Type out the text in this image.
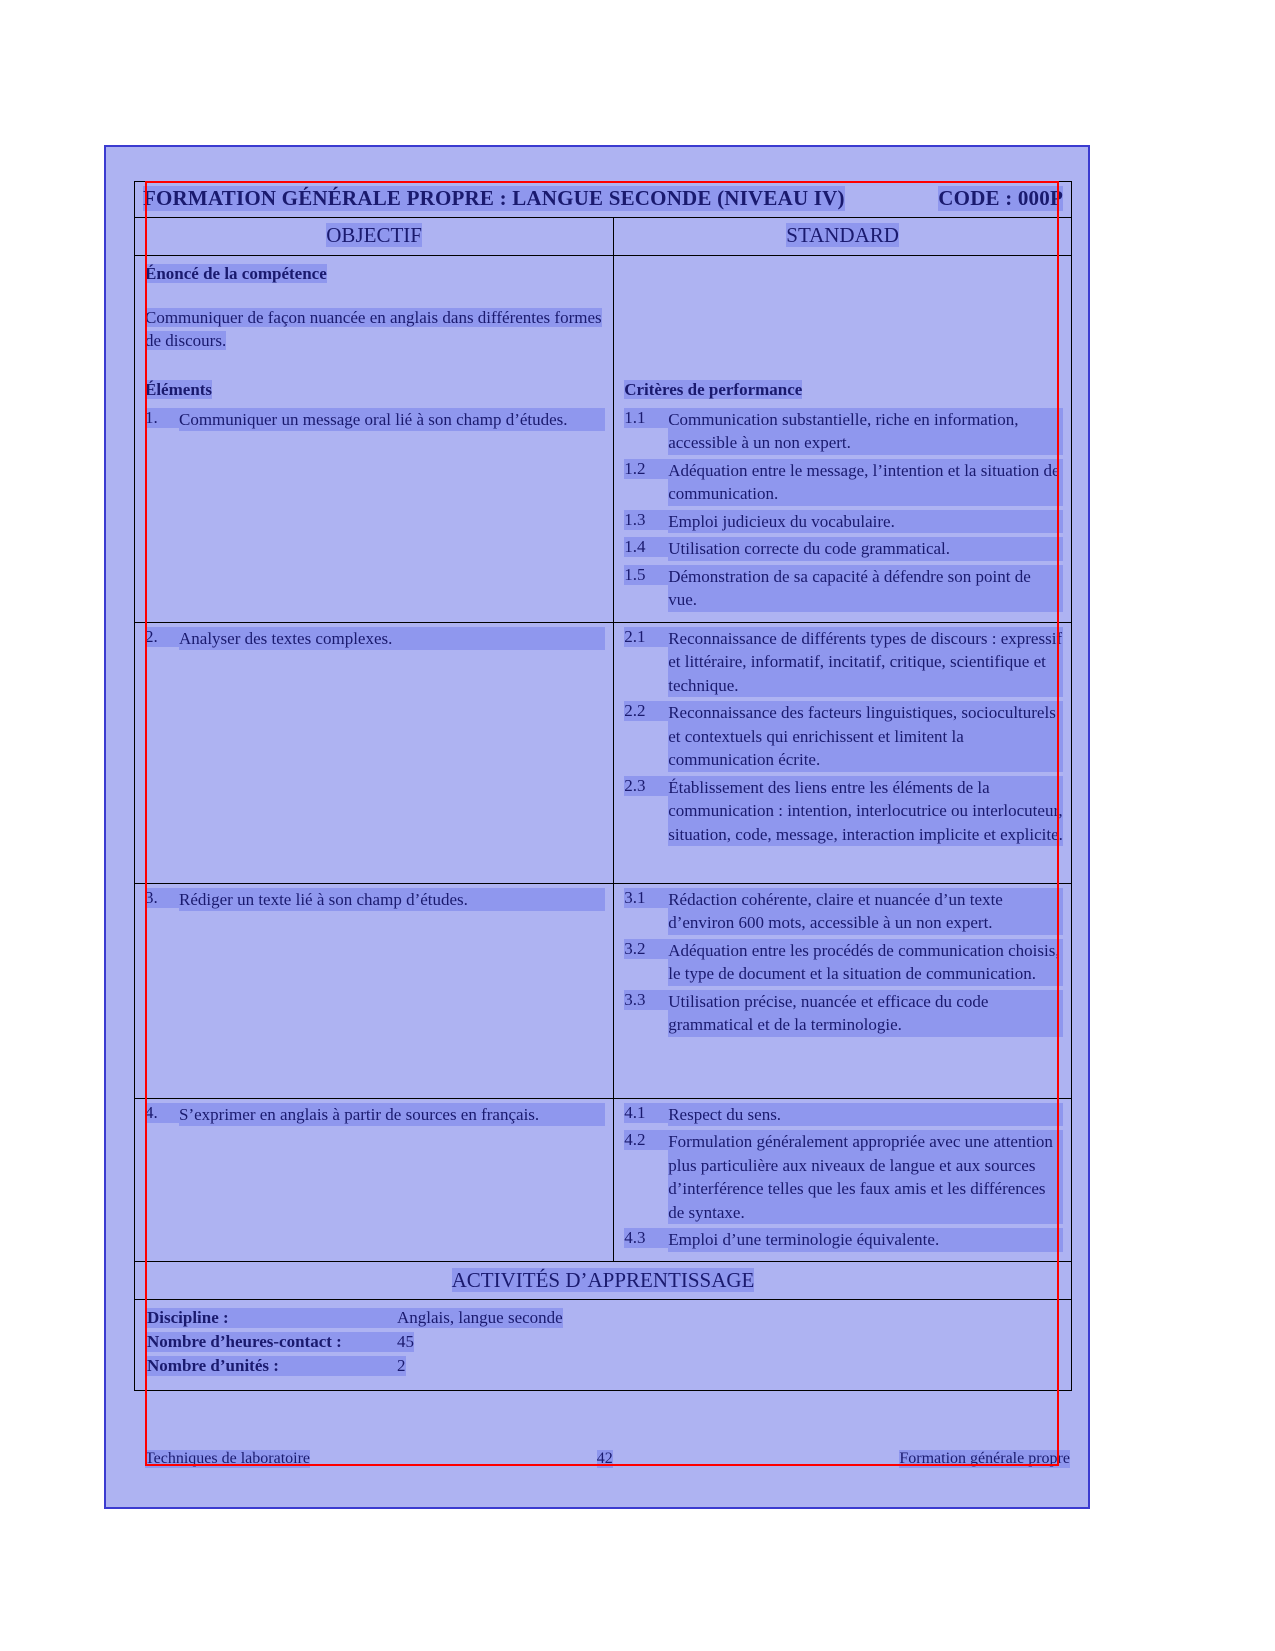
FORMATION GÉNÉRALE PROPRE : LANGUE SECONDE (NIVEAU IV)	CODE : 000P
OBJECTIF	STANDARD
Énoncé de la compétence
Communiquer de façon nuancée en anglais dans différentes formes de discours.
Éléments	Critères de performance
1.	Communiquer un message oral lié à son champ d’études.	1.1	Communication substantielle, riche en information, accessible à un non expert.
1.2	Adéquation entre le message, l’intention et la situation de communication.
1.3	Emploi judicieux du vocabulaire.
1.4	Utilisation correcte du code grammatical.
1.5	Démonstration de sa capacité à défendre son point de vue.
2.	Analyser des textes complexes.	2.1	Reconnaissance de différents types de discours : expressif et littéraire, informatif, incitatif, critique, scientifique et technique.
2.2	Reconnaissance des facteurs linguistiques, socioculturels et contextuels qui enrichissent et limitent la communication écrite.
2.3	Établissement des liens entre les éléments de la communication : intention, interlocutrice ou interlocuteur, situation, code, message, interaction implicite et explicite.
3.	Rédiger un texte lié à son champ d’études.	3.1	Rédaction cohérente, claire et nuancée d’un texte d’environ 600 mots, accessible à un non expert.
3.2	Adéquation entre les procédés de communication choisis, le type de document et la situation de communication.
3.3	Utilisation précise, nuancée et efficace du code grammatical et de la terminologie.
4.	S’exprimer en anglais à partir de sources en français.	4.1	Respect du sens.
4.2	Formulation généralement appropriée avec une attention plus particulière aux niveaux de langue et aux sources d’interférence telles que les faux amis et les différences de syntaxe.
4.3	Emploi d’une terminologie équivalente.
ACTIVITÉS D’APPRENTISSAGE
Discipline :	Anglais, langue seconde
Nombre d’heures-contact :	45
Nombre d’unités :	2
Techniques de laboratoire	42	Formation générale propre
